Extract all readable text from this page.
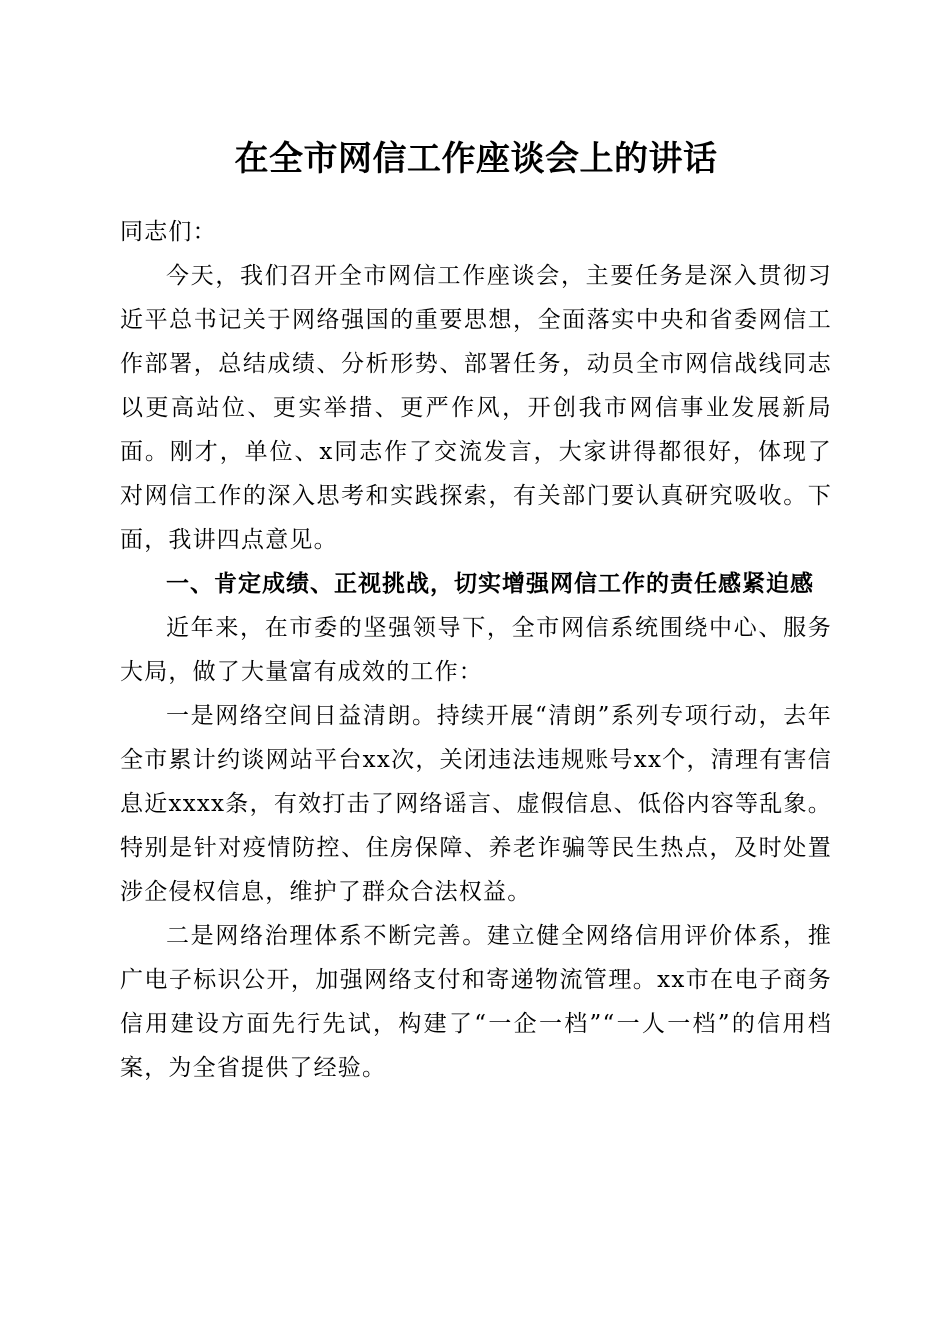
在全市网信工作座谈会上的讲话

同志们：

今天，我们召开全市网信工作座谈会，主要任务是深入贯彻习近平总书记关于网络强国的重要思想，全面落实中央和省委网信工作部署，总结成绩、分析形势、部署任务，动员全市网信战线同志以更高站位、更实举措、更严作风，开创我市网信事业发展新局面。刚才，单位、x同志作了交流发言，大家讲得都很好，体现了对网信工作的深入思考和实践探索，有关部门要认真研究吸收。下面，我讲四点意见。

一、肯定成绩、正视挑战，切实增强网信工作的责任感紧迫感

近年来，在市委的坚强领导下，全市网信系统围绕中心、服务大局，做了大量富有成效的工作：

一是网络空间日益清朗。持续开展“清朗”系列专项行动，去年全市累计约谈网站平台xx次，关闭违法违规账号xx个，清理有害信息近xxxx条，有效打击了网络谣言、虚假信息、低俗内容等乱象。特别是针对疫情防控、住房保障、养老诈骗等民生热点，及时处置涉企侵权信息，维护了群众合法权益。

二是网络治理体系不断完善。建立健全网络信用评价体系，推广电子标识公开，加强网络支付和寄递物流管理。xx市在电子商务信用建设方面先行先试，构建了“一企一档”“一人一档”的信用档案，为全省提供了经验。
